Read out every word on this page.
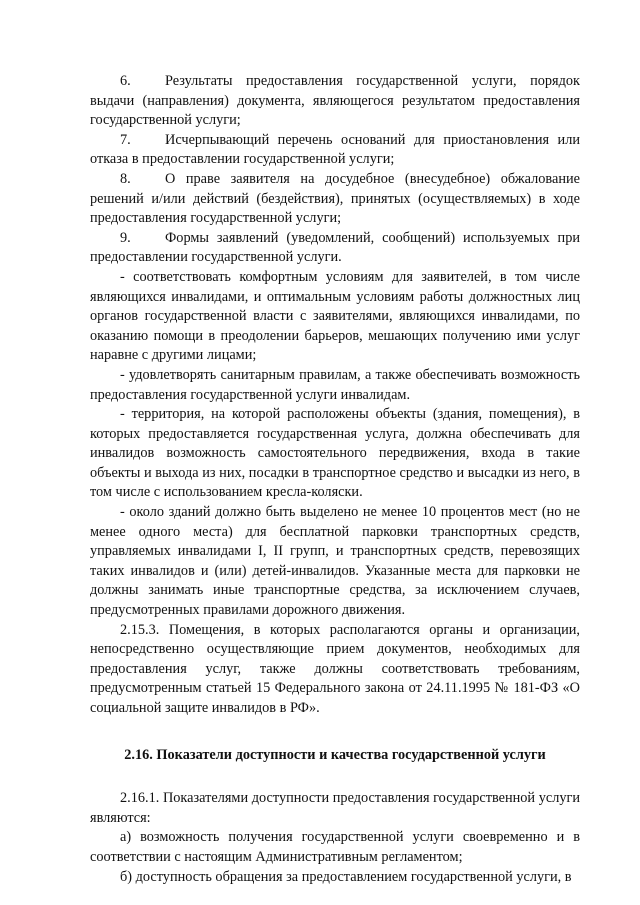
6. Результаты предоставления государственной услуги, порядок выдачи (направления) документа, являющегося результатом предоставления государственной услуги;

7. Исчерпывающий перечень оснований для приостановления или отказа в предоставлении государственной услуги;

8. О праве заявителя на досудебное (внесудебное) обжалование решений и/или действий (бездействия), принятых (осуществляемых) в ходе предоставления государственной услуги;

9. Формы заявлений (уведомлений, сообщений) используемых при предоставлении государственной услуги.

- соответствовать комфортным условиям для заявителей, в том числе являющихся инвалидами, и оптимальным условиям работы должностных лиц органов государственной власти с заявителями, являющихся инвалидами, по оказанию помощи в преодолении барьеров, мешающих получению ими услуг наравне с другими лицами;

- удовлетворять санитарным правилам, а также обеспечивать возможность предоставления государственной услуги инвалидам.

- территория, на которой расположены объекты (здания, помещения), в которых предоставляется государственная услуга, должна обеспечивать для инвалидов возможность самостоятельного передвижения, входа в такие объекты и выхода из них, посадки в транспортное средство и высадки из него, в том числе с использованием кресла-коляски.

- около зданий должно быть выделено не менее 10 процентов мест (но не менее одного места) для бесплатной парковки транспортных средств, управляемых инвалидами I, II групп, и транспортных средств, перевозящих таких инвалидов и (или) детей-инвалидов. Указанные места для парковки не должны занимать иные транспортные средства, за исключением случаев, предусмотренных правилами дорожного движения.

2.15.3. Помещения, в которых располагаются органы и организации, непосредственно осуществляющие прием документов, необходимых для предоставления услуг, также должны соответствовать требованиям, предусмотренным статьей 15 Федерального закона от 24.11.1995 № 181-ФЗ «О социальной защите инвалидов в РФ».

2.16. Показатели доступности и качества государственной услуги

2.16.1. Показателями доступности предоставления государственной услуги являются:

а) возможность получения государственной услуги своевременно и в соответствии с настоящим Административным регламентом;

б) доступность обращения за предоставлением государственной услуги, в
